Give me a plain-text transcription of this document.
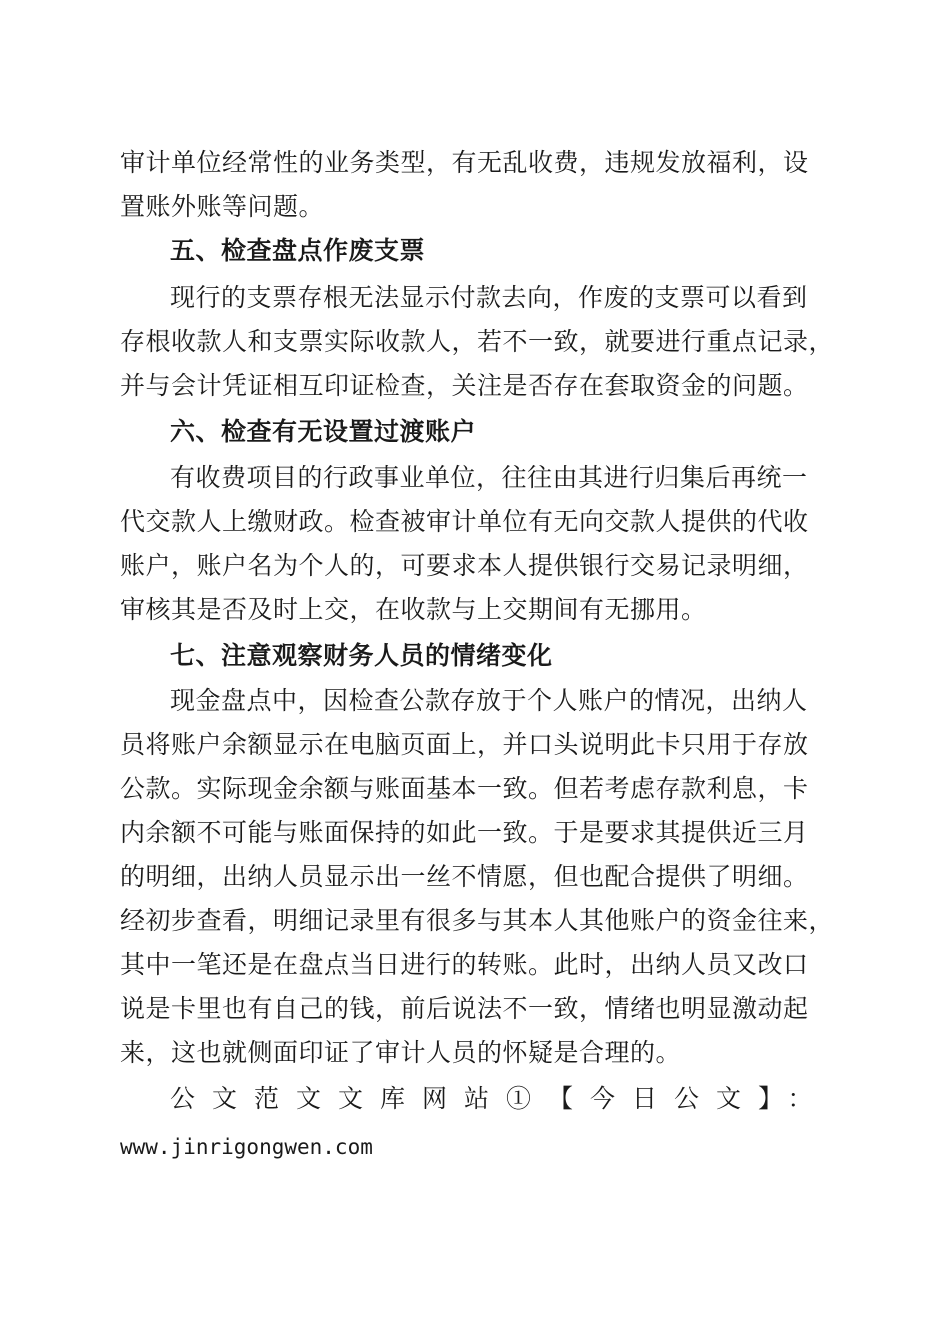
审计单位经常性的业务类型，有无乱收费，违规发放福利，设
置账外账等问题。
五、检查盘点作废支票
现行的支票存根无法显示付款去向，作废的支票可以看到
存根收款人和支票实际收款人，若不一致，就要进行重点记录，
并与会计凭证相互印证检查，关注是否存在套取资金的问题。
六、检查有无设置过渡账户
有收费项目的行政事业单位，往往由其进行归集后再统一
代交款人上缴财政。检查被审计单位有无向交款人提供的代收
账户，账户名为个人的，可要求本人提供银行交易记录明细，
审核其是否及时上交，在收款与上交期间有无挪用。
七、注意观察财务人员的情绪变化
现金盘点中，因检查公款存放于个人账户的情况，出纳人
员将账户余额显示在电脑页面上，并口头说明此卡只用于存放
公款。实际现金余额与账面基本一致。但若考虑存款利息，卡
内余额不可能与账面保持的如此一致。于是要求其提供近三月
的明细，出纳人员显示出一丝不情愿，但也配合提供了明细。
经初步查看，明细记录里有很多与其本人其他账户的资金往来，
其中一笔还是在盘点当日进行的转账。此时，出纳人员又改口
说是卡里也有自己的钱，前后说法不一致，情绪也明显激动起
来，这也就侧面印证了审计人员的怀疑是合理的。
公文范文文库网站①【今日公文】：
www.jinrigongwen.com
